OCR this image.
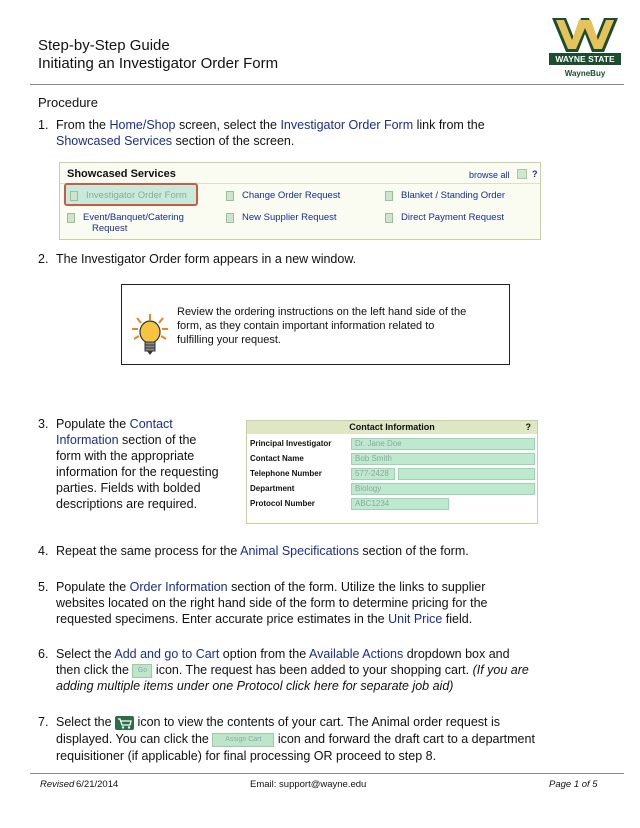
Step-by-Step Guide
Initiating an Investigator Order Form	WAYNE STATE
WayneBuy
Procedure
1. From the Home/Shop screen, select the Investigator Order Form link from the
Showcased Services section of the screen.
Showcased Services	browse all ?
Investigator Order Form	Change Order Request	Blanket / Standing Order
Event/Banquet/Catering
Request
New Supplier Request	Direct Payment Request
2. The Investigator Order form appears in a new window.
Review the ordering instructions on the left hand side of the
form, as they contain important information related to
fulfilling your request.
3. Populate the Contact
Information section of the
form with the appropriate
information for the requesting
parties. Fields with bolded
descriptions are required.
Contact Information	?
Principal Investigator	Dr. Jane Doe
Contact Name	Bob Smith
Telephone Number	577-2428
Department	Biology
Protocol Number	ABC1234
4. Repeat the same process for the Animal Specifications section of the form.
5. Populate the Order Information section of the form. Utilize the links to supplier
websites located on the right hand side of the form to determine pricing for the
requested specimens. Enter accurate price estimates in the Unit Price field.
6. Select the Add and go to Cart option from the Available Actions dropdown box and
then click the Go icon. The request has been added to your shopping cart. (If you are
adding multiple items under one Protocol click here for separate job aid)
7. Select the  icon to view the contents of your cart. The Animal order request is
displayed. You can click the Assign Cart icon and forward the draft cart to a department
requisitioner (if applicable) for final processing OR proceed to step 8.
Revised 6/21/2014	Email: support@wayne.edu	Page 1 of 5
